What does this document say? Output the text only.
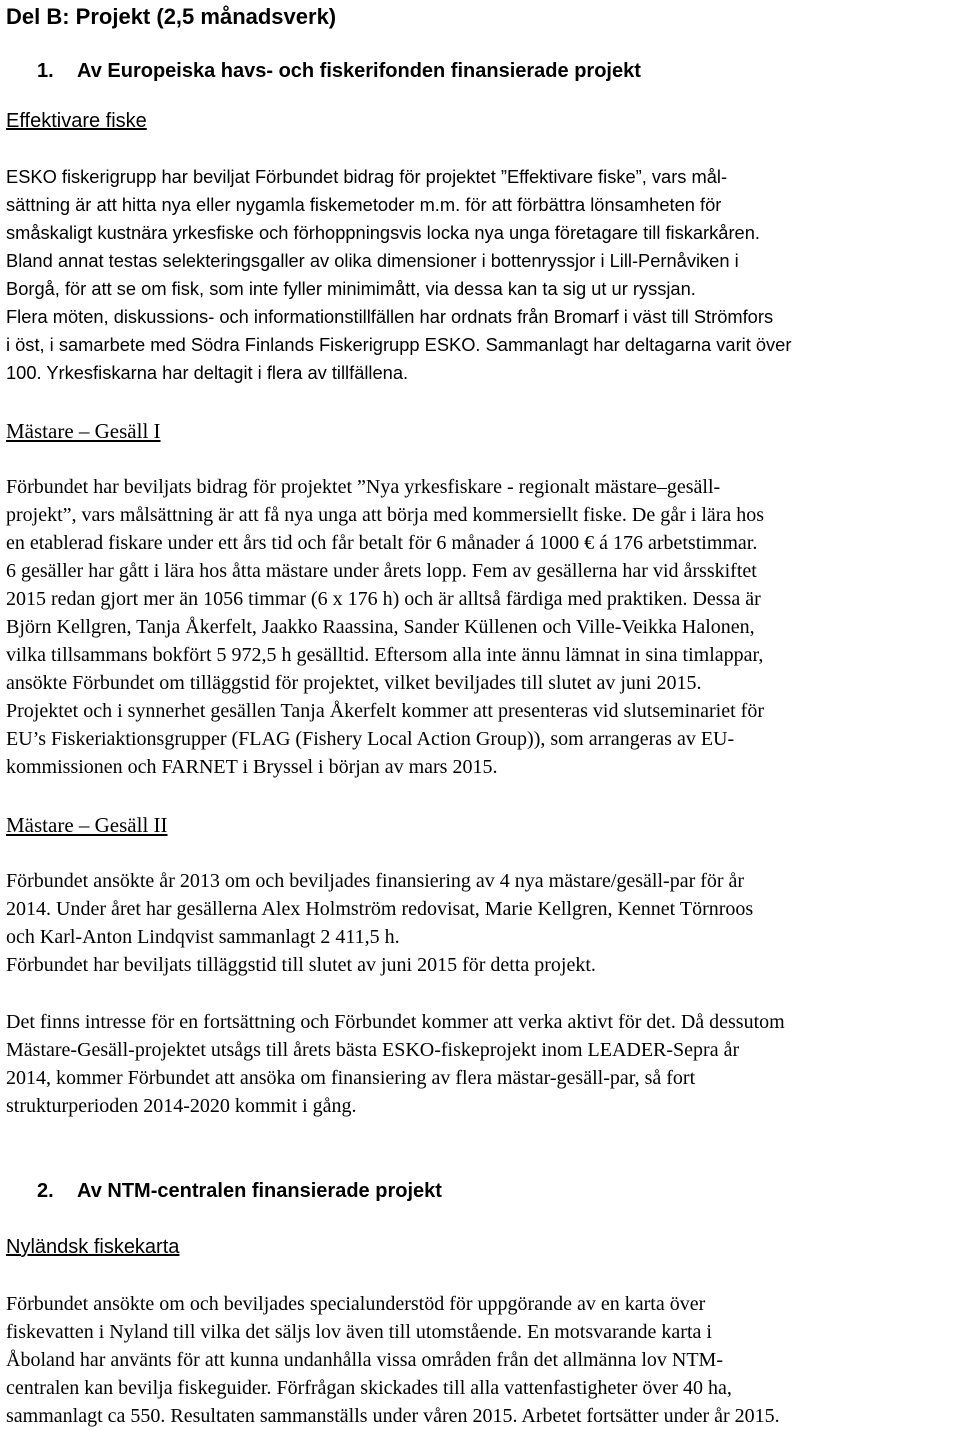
Del B: Projekt (2,5 månadsverk)
1. Av Europeiska havs- och fiskerifonden finansierade projekt
Effektivare fiske
ESKO fiskerigrupp har beviljat Förbundet bidrag för projektet ”Effektivare fiske”, vars mål-
sättning är att hitta nya eller nygamla fiskemetoder m.m. för att förbättra lönsamheten för
småskaligt kustnära yrkesfiske och förhoppningsvis locka nya unga företagare till fiskarkåren.
Bland annat testas selekteringsgaller av olika dimensioner i bottenryssjor i Lill-Pernåviken i
Borgå, för att se om fisk, som inte fyller minimimått, via dessa kan ta sig ut ur ryssjan.
Flera möten, diskussions- och informationstillfällen har ordnats från Bromarf i väst till Strömfors
i öst, i samarbete med Södra Finlands Fiskerigrupp ESKO. Sammanlagt har deltagarna varit över
100. Yrkesfiskarna har deltagit i flera av tillfällena.
Mästare – Gesäll I
Förbundet har beviljats bidrag för projektet ”Nya yrkesfiskare - regionalt mästare–gesäll-
projekt”, vars målsättning är att få nya unga att börja med kommersiellt fiske. De går i lära hos
en etablerad fiskare under ett års tid och får betalt för 6 månader á 1000 € á 176 arbetstimmar.
6 gesäller har gått i lära hos åtta mästare under årets lopp. Fem av gesällerna har vid årsskiftet
2015 redan gjort mer än 1056 timmar (6 x 176 h) och är alltså färdiga med praktiken. Dessa är
Björn Kellgren, Tanja Åkerfelt, Jaakko Raassina, Sander Küllenen och Ville-Veikka Halonen,
vilka tillsammans bokfört 5 972,5 h gesälltid. Eftersom alla inte ännu lämnat in sina timlappar,
ansökte Förbundet om tilläggstid för projektet, vilket beviljades till slutet av juni 2015.
Projektet och i synnerhet gesällen Tanja Åkerfelt kommer att presenteras vid slutseminariet för
EU’s Fiskeriaktionsgrupper (FLAG (Fishery Local Action Group)), som arrangeras av EU-
kommissionen och FARNET i Bryssel i början av mars 2015.
Mästare – Gesäll II
Förbundet ansökte år 2013 om och beviljades finansiering av 4 nya mästare/gesäll-par för år
2014. Under året har gesällerna Alex Holmström redovisat, Marie Kellgren, Kennet Törnroos
och Karl-Anton Lindqvist sammanlagt 2 411,5 h.
Förbundet har beviljats tilläggstid till slutet av juni 2015 för detta projekt.
Det finns intresse för en fortsättning och Förbundet kommer att verka aktivt för det. Då dessutom
Mästare-Gesäll-projektet utsågs till årets bästa ESKO-fiskeprojekt inom LEADER-Sepra år
2014, kommer Förbundet att ansöka om finansiering av flera mästar-gesäll-par, så fort
strukturperioden 2014-2020 kommit i gång.
2. Av NTM-centralen finansierade projekt
Nyländsk fiskekarta
Förbundet ansökte om och beviljades specialunderstöd för uppgörande av en karta över
fiskevatten i Nyland till vilka det säljs lov även till utomstående. En motsvarande karta i
Åboland har använts för att kunna undanhålla vissa områden från det allmänna lov NTM-
centralen kan bevilja fiskeguider. Förfrågan skickades till alla vattenfastigheter över 40 ha,
sammanlagt ca 550. Resultaten sammanställs under våren 2015. Arbetet fortsätter under år 2015.
